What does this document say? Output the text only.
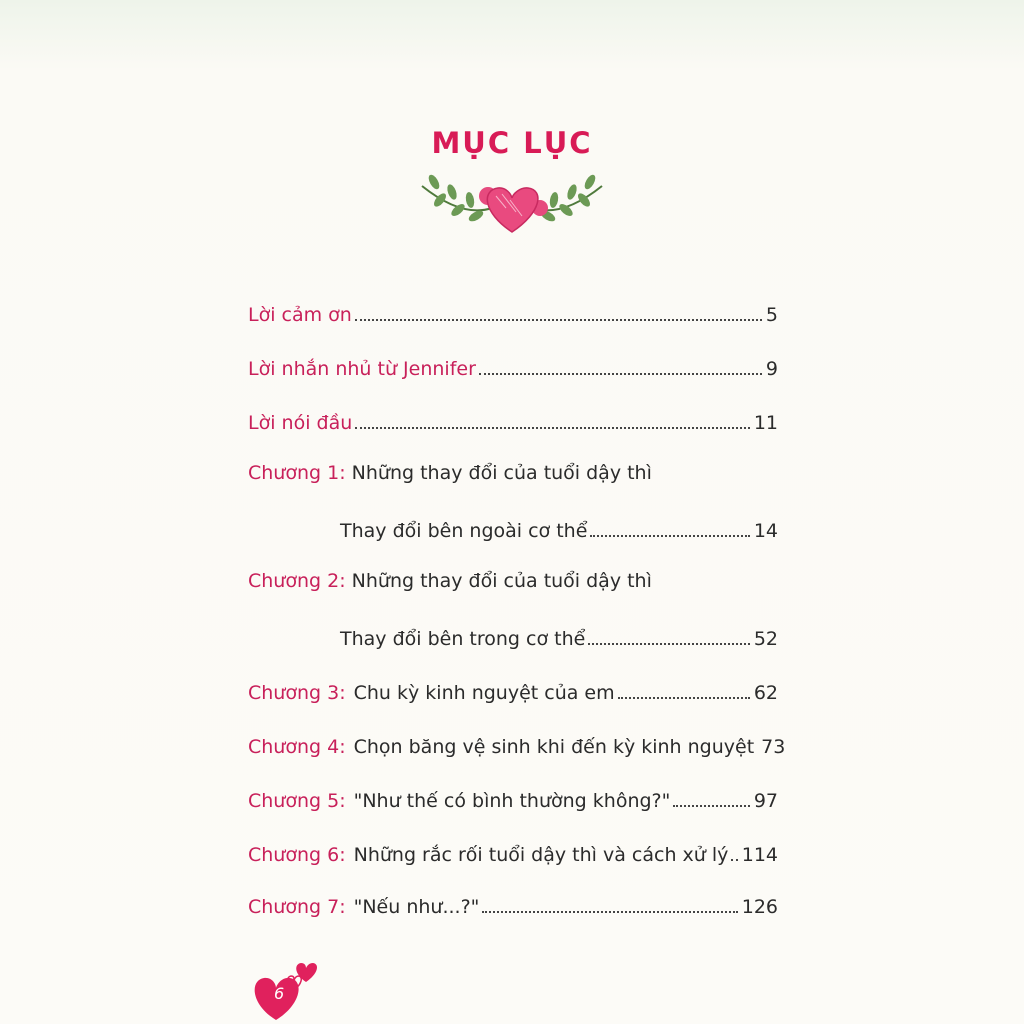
MỤC LỤC
Lời cảm ơn	5
Lời nhắn nhủ từ Jennifer	9
Lời nói đầu	11
Chương 1: Những thay đổi của tuổi dậy thì
Thay đổi bên ngoài cơ thể	14
Chương 2: Những thay đổi của tuổi dậy thì
Thay đổi bên trong cơ thể	52
Chương 3: Chu kỳ kinh nguyệt của em	62
Chương 4: Chọn băng vệ sinh khi đến kỳ kinh nguyệt 73
Chương 5: "Như thế có bình thường không?"	97
Chương 6: Những rắc rối tuổi dậy thì và cách xử lý 114
Chương 7: "Nếu như...?"	126
6
